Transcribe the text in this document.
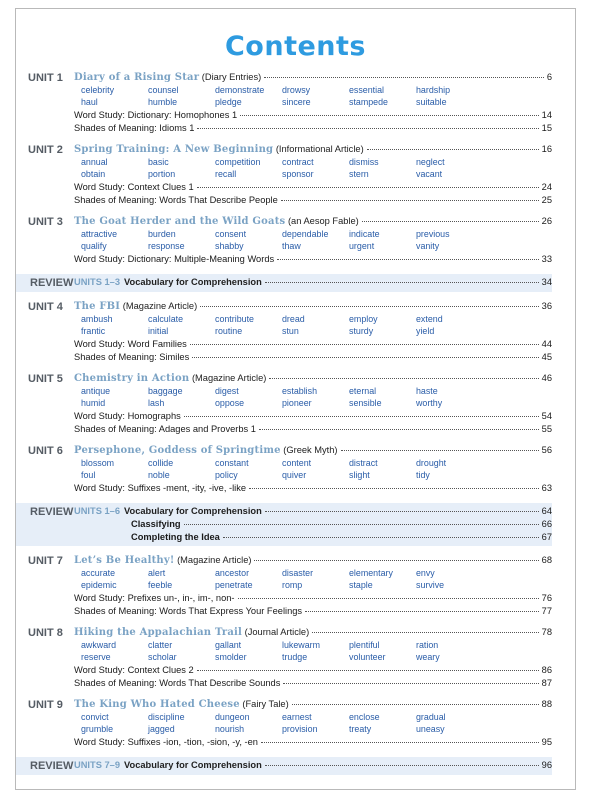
Contents
UNIT 1	Diary of a Rising Star (Diary Entries)	6
celebrity	counsel	demonstrate	drowsy	essential	hardship
haul	humble	pledge	sincere	stampede	suitable
Word Study: Dictionary: Homophones 1	14
Shades of Meaning: Idioms 1	15
UNIT 2	Spring Training: A New Beginning (Informational Article)	16
annual	basic	competition	contract	dismiss	neglect
obtain	portion	recall	sponsor	stern	vacant
Word Study: Context Clues 1	24
Shades of Meaning: Words That Describe People	25
UNIT 3	The Goat Herder and the Wild Goats (an Aesop Fable)	26
attractive	burden	consent	dependable	indicate	previous
qualify	response	shabby	thaw	urgent	vanity
Word Study: Dictionary: Multiple-Meaning Words	33
REVIEW UNITS 1–3 Vocabulary for Comprehension	34
UNIT 4	The FBI (Magazine Article)	36
ambush	calculate	contribute	dread	employ	extend
frantic	initial	routine	stun	sturdy	yield
Word Study: Word Families	44
Shades of Meaning: Similes	45
UNIT 5	Chemistry in Action (Magazine Article)	46
antique	baggage	digest	establish	eternal	haste
humid	lash	oppose	pioneer	sensible	worthy
Word Study: Homographs	54
Shades of Meaning: Adages and Proverbs 1	55
UNIT 6	Persephone, Goddess of Springtime (Greek Myth)	56
blossom	collide	constant	content	distract	drought
foul	noble	policy	quiver	slight	tidy
Word Study: Suffixes -ment, -ity, -ive, -like	63
REVIEW UNITS 1–6 Vocabulary for Comprehension	64
Classifying	66
Completing the Idea	67
UNIT 7	Let’s Be Healthy! (Magazine Article)	68
accurate	alert	ancestor	disaster	elementary	envy
epidemic	feeble	penetrate	romp	staple	survive
Word Study: Prefixes un-, in-, im-, non-	76
Shades of Meaning: Words That Express Your Feelings	77
UNIT 8	Hiking the Appalachian Trail (Journal Article)	78
awkward	clatter	gallant	lukewarm	plentiful	ration
reserve	scholar	smolder	trudge	volunteer	weary
Word Study: Context Clues 2	86
Shades of Meaning: Words That Describe Sounds	87
UNIT 9	The King Who Hated Cheese (Fairy Tale)	88
convict	discipline	dungeon	earnest	enclose	gradual
grumble	jagged	nourish	provision	treaty	uneasy
Word Study: Suffixes -ion, -tion, -sion, -y, -en	95
REVIEW UNITS 7–9 Vocabulary for Comprehension	96
